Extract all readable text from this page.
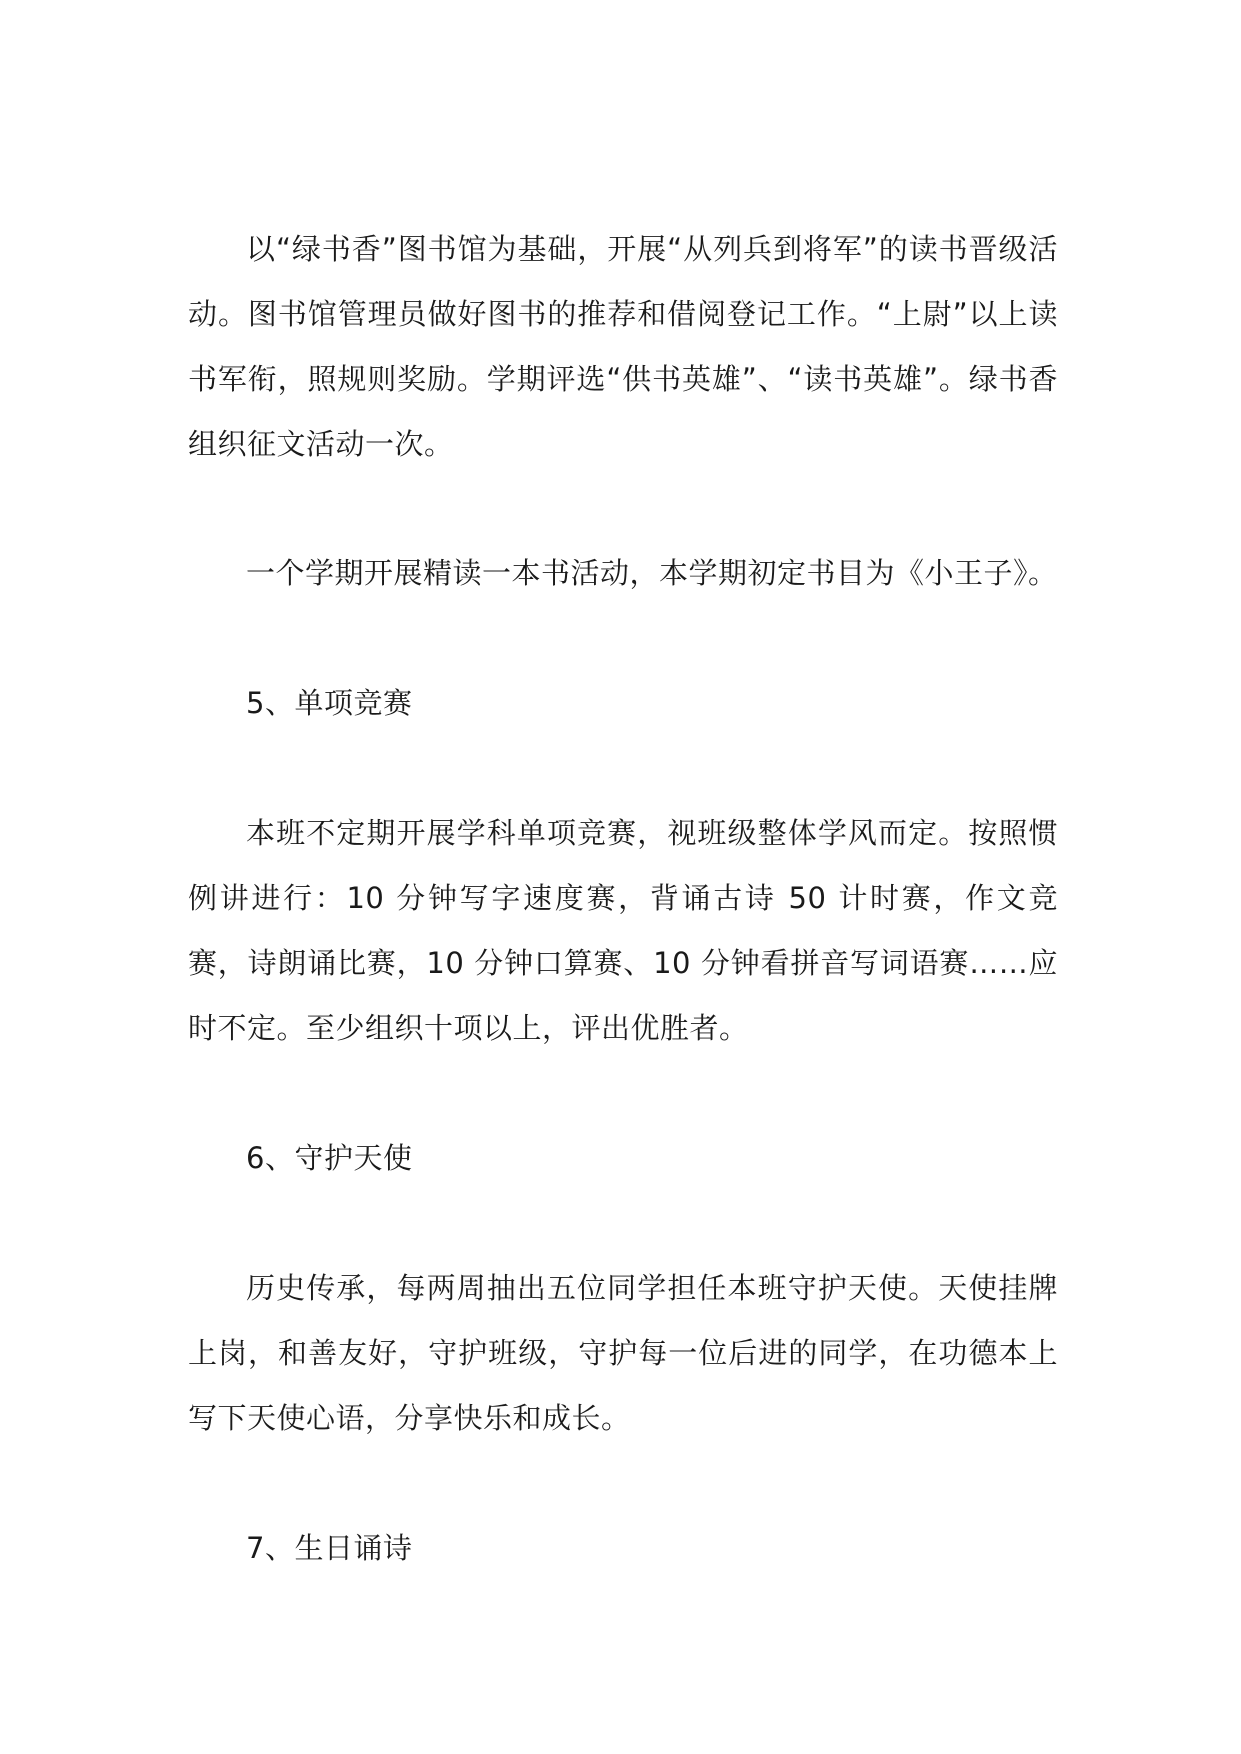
以“绿书香”图书馆为基础，开展“从列兵到将军”的读书晋级活动。图书馆管理员做好图书的推荐和借阅登记工作。“上尉”以上读书军衔，照规则奖励。学期评选“供书英雄”、“读书英雄”。绿书香组织征文活动一次。

一个学期开展精读一本书活动，本学期初定书目为《小王子》。

5、单项竞赛

本班不定期开展学科单项竞赛，视班级整体学风而定。按照惯例讲进行：10 分钟写字速度赛，背诵古诗 50 计时赛，作文竞赛，诗朗诵比赛，10 分钟口算赛、10 分钟看拼音写词语赛……应时不定。至少组织十项以上，评出优胜者。

6、守护天使

历史传承，每两周抽出五位同学担任本班守护天使。天使挂牌上岗，和善友好，守护班级，守护每一位后进的同学，在功德本上写下天使心语，分享快乐和成长。

7、生日诵诗
